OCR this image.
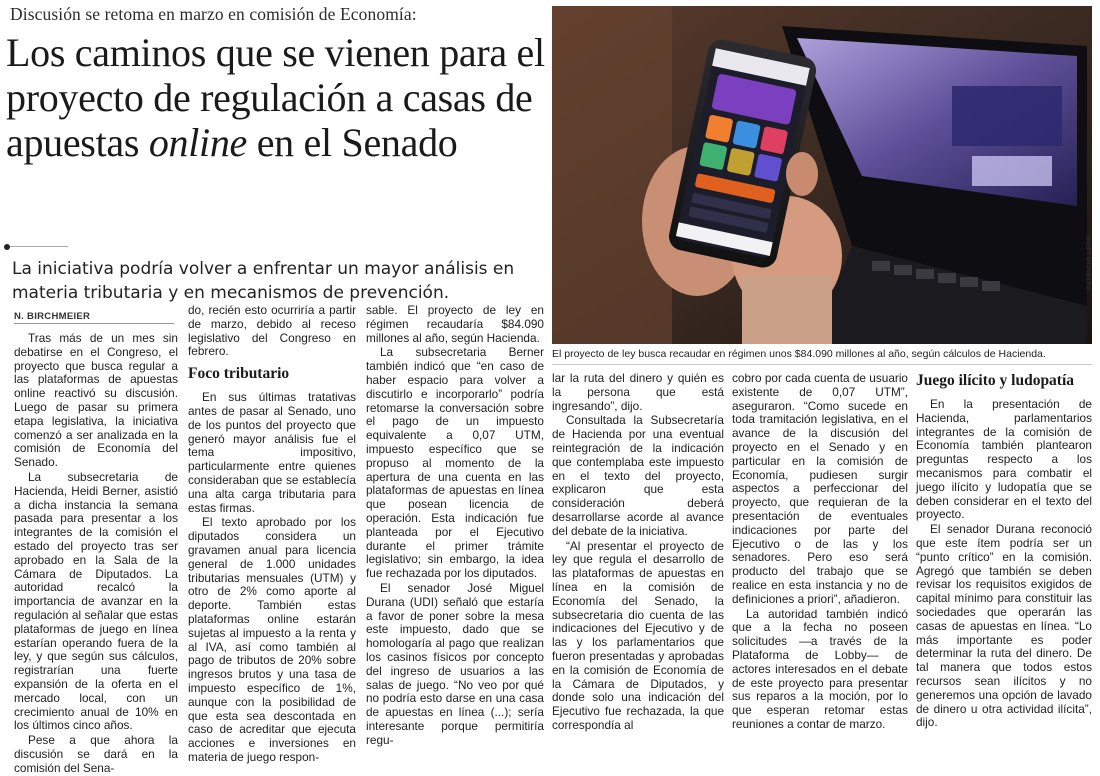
Discusión se retoma en marzo en comisión de Economía:
Los caminos que se vienen para el proyecto de regulación a casas de apuestas online en el Senado
La iniciativa podría volver a enfrentar un mayor análisis en materia tributaria y en mecanismos de prevención.
N. BIRCHMEIER
PATRICIO LEPE
El proyecto de ley busca recaudar en régimen unos $84.090 millones al año, según cálculos de Hacienda.

Tras más de un mes sin debatirse en el Congreso, el proyecto que busca regular a las plataformas de apuestas online reactivó su discusión. Luego de pasar su primera etapa legislativa, la iniciativa comenzó a ser analizada en la comisión de Economía del Senado.

La subsecretaria de Hacienda, Heidi Berner, asistió a dicha instancia la semana pasada para presentar a los integrantes de la comisión el estado del proyecto tras ser aprobado en la Sala de la Cámara de Diputados. La autoridad recalcó la importancia de avanzar en la regulación al señalar que estas plataformas de juego en línea estarían operando fuera de la ley, y que según sus cálculos, registrarían una fuerte expansión de la oferta en el mercado local, con un crecimiento anual de 10% en los últimos cinco años.

Pese a que ahora la discusión se dará en la comisión del Sena-

do, recién esto ocurriría a partir de marzo, debido al receso legislativo del Congreso en febrero.

Foco tributario

En sus últimas tratativas antes de pasar al Senado, uno de los puntos del proyecto que generó mayor análisis fue el tema impositivo, particularmente entre quienes consideraban que se establecía una alta carga tributaria para estas firmas.

El texto aprobado por los diputados considera un gravamen anual para licencia general de 1.000 unidades tributarias mensuales (UTM) y otro de 2% como aporte al deporte. También estas plataformas online estarán sujetas al impuesto a la renta y al IVA, así como también al pago de tributos de 20% sobre ingresos brutos y una tasa de impuesto específico de 1%, aunque con la posibilidad de que esta sea descontada en caso de acreditar que ejecuta acciones e inversiones en materia de juego respon-

sable. El proyecto de ley en régimen recaudaría $84.090 millones al año, según Hacienda.

La subsecretaria Berner también indicó que “en caso de haber espacio para volver a discutirlo e incorporarlo” podría retomarse la conversación sobre el pago de un impuesto equivalente a 0,07 UTM, impuesto específico que se propuso al momento de la apertura de una cuenta en las plataformas de apuestas en línea que posean licencia de operación. Esta indicación fue planteada por el Ejecutivo durante el primer trámite legislativo; sin embargo, la idea fue rechazada por los diputados.

El senador José Miguel Durana (UDI) señaló que estaría a favor de poner sobre la mesa este impuesto, dado que se homologaría al pago que realizan los casinos físicos por concepto del ingreso de usuarios a las salas de juego. “No veo por qué no podría esto darse en una casa de apuestas en línea (...); sería interesante porque permitiría regu-

lar la ruta del dinero y quién es la persona que está ingresando”, dijo.

Consultada la Subsecretaría de Hacienda por una eventual reintegración de la indicación que contemplaba este impuesto en el texto del proyecto, explicaron que esta consideración deberá desarrollarse acorde al avance del debate de la iniciativa.

“Al presentar el proyecto de ley que regula el desarrollo de las plataformas de apuestas en línea en la comisión de Economía del Senado, la subsecretaria dio cuenta de las indicaciones del Ejecutivo y de las y los parlamentarios que fueron presentadas y aprobadas en la comisión de Economía de la Cámara de Diputados, y donde solo una indicación del Ejecutivo fue rechazada, la que correspondía al

cobro por cada cuenta de usuario existente de 0,07 UTM”, aseguraron. “Como sucede en toda tramitación legislativa, en el avance de la discusión del proyecto en el Senado y en particular en la comisión de Economía, pudiesen surgir aspectos a perfeccionar del proyecto, que requieran de la presentación de eventuales indicaciones por parte del Ejecutivo o de las y los senadores. Pero eso será producto del trabajo que se realice en esta instancia y no de definiciones a priori”, añadieron.

La autoridad también indicó que a la fecha no poseen solicitudes —a través de la Plataforma de Lobby— de actores interesados en el debate de este proyecto para presentar sus reparos a la moción, por lo que esperan retomar estas reuniones a contar de marzo.

Juego ilícito y ludopatía

En la presentación de Hacienda, parlamentarios integrantes de la comisión de Economía también plantearon preguntas respecto a los mecanismos para combatir el juego ilícito y ludopatía que se deben considerar en el texto del proyecto.

El senador Durana reconoció que este ítem podría ser un “punto crítico” en la comisión. Agregó que también se deben revisar los requisitos exigidos de capital mínimo para constituir las sociedades que operarán las casas de apuestas en línea. “Lo más importante es poder determinar la ruta del dinero. De tal manera que todos estos recursos sean ilícitos y no generemos una opción de lavado de dinero u otra actividad ilícita”, dijo.
